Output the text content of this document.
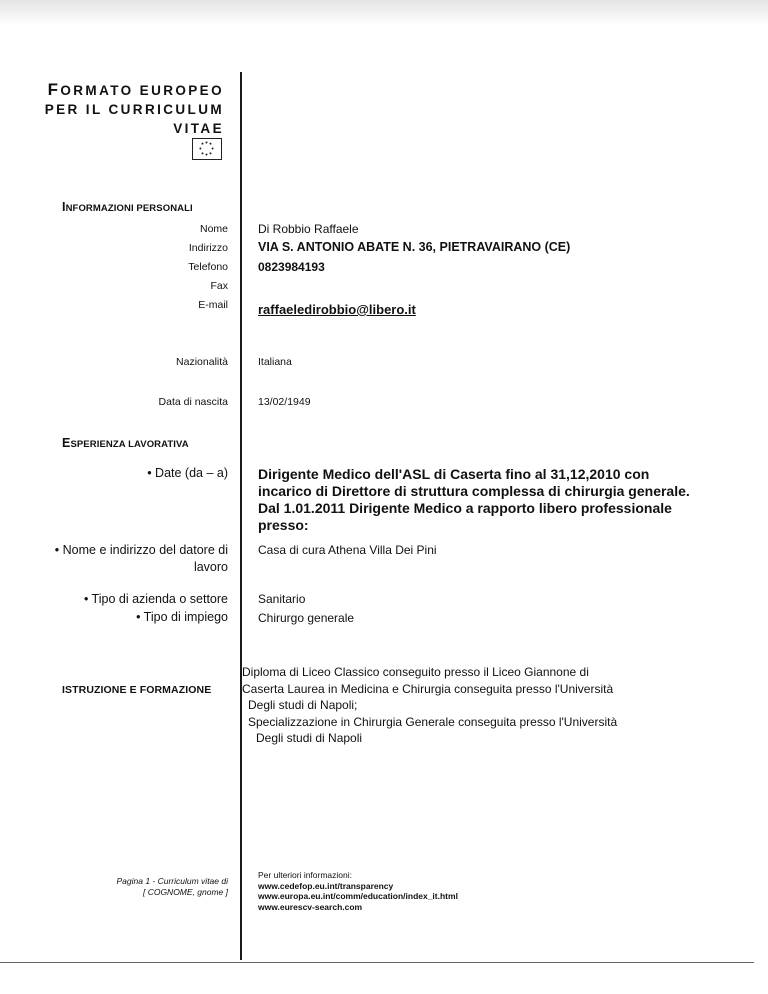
FORMATO EUROPEO
PER IL CURRICULUM
VITAE
INFORMAZIONI PERSONALI
Nome	Di Robbio Raffaele
Indirizzo VIA S. ANTONIO ABATE N. 36, PIETRAVAIRANO (CE)
Telefono	0823984193
Fax
E-mail raffaeledirobbio@libero.it
Nazionalità	Italiana
Data di nascita	13/02/1949
ESPERIENZA LAVORATIVA
• Date (da – a) Dirigente Medico dell'ASL di Caserta fino al 31,12,2010 con
incarico di Direttore di struttura complessa di chirurgia generale.
Dal 1.01.2011 Dirigente Medico a rapporto libero professionale
presso:
• Nome e indirizzo del datore di
lavoro
Casa di cura Athena Villa Dei Pini
• Tipo di azienda o settore	Sanitario
• Tipo di impiego	Chirurgo generale
ISTRUZIONE E FORMAZIONE
Diploma di Liceo Classico conseguito presso il Liceo Giannone di
Caserta Laurea in Medicina e Chirurgia conseguita presso l'Università
Degli studi di Napoli;
Specializzazione in Chirurgia Generale conseguita presso l'Università
Degli studi di Napoli
Pagina 1 - Curriculum vitae di
[ COGNOME, gnome ]
Per ulteriori informazioni:
www.cedefop.eu.int/transparency
www.europa.eu.int/comm/education/index_it.html
www.eurescv-search.com
